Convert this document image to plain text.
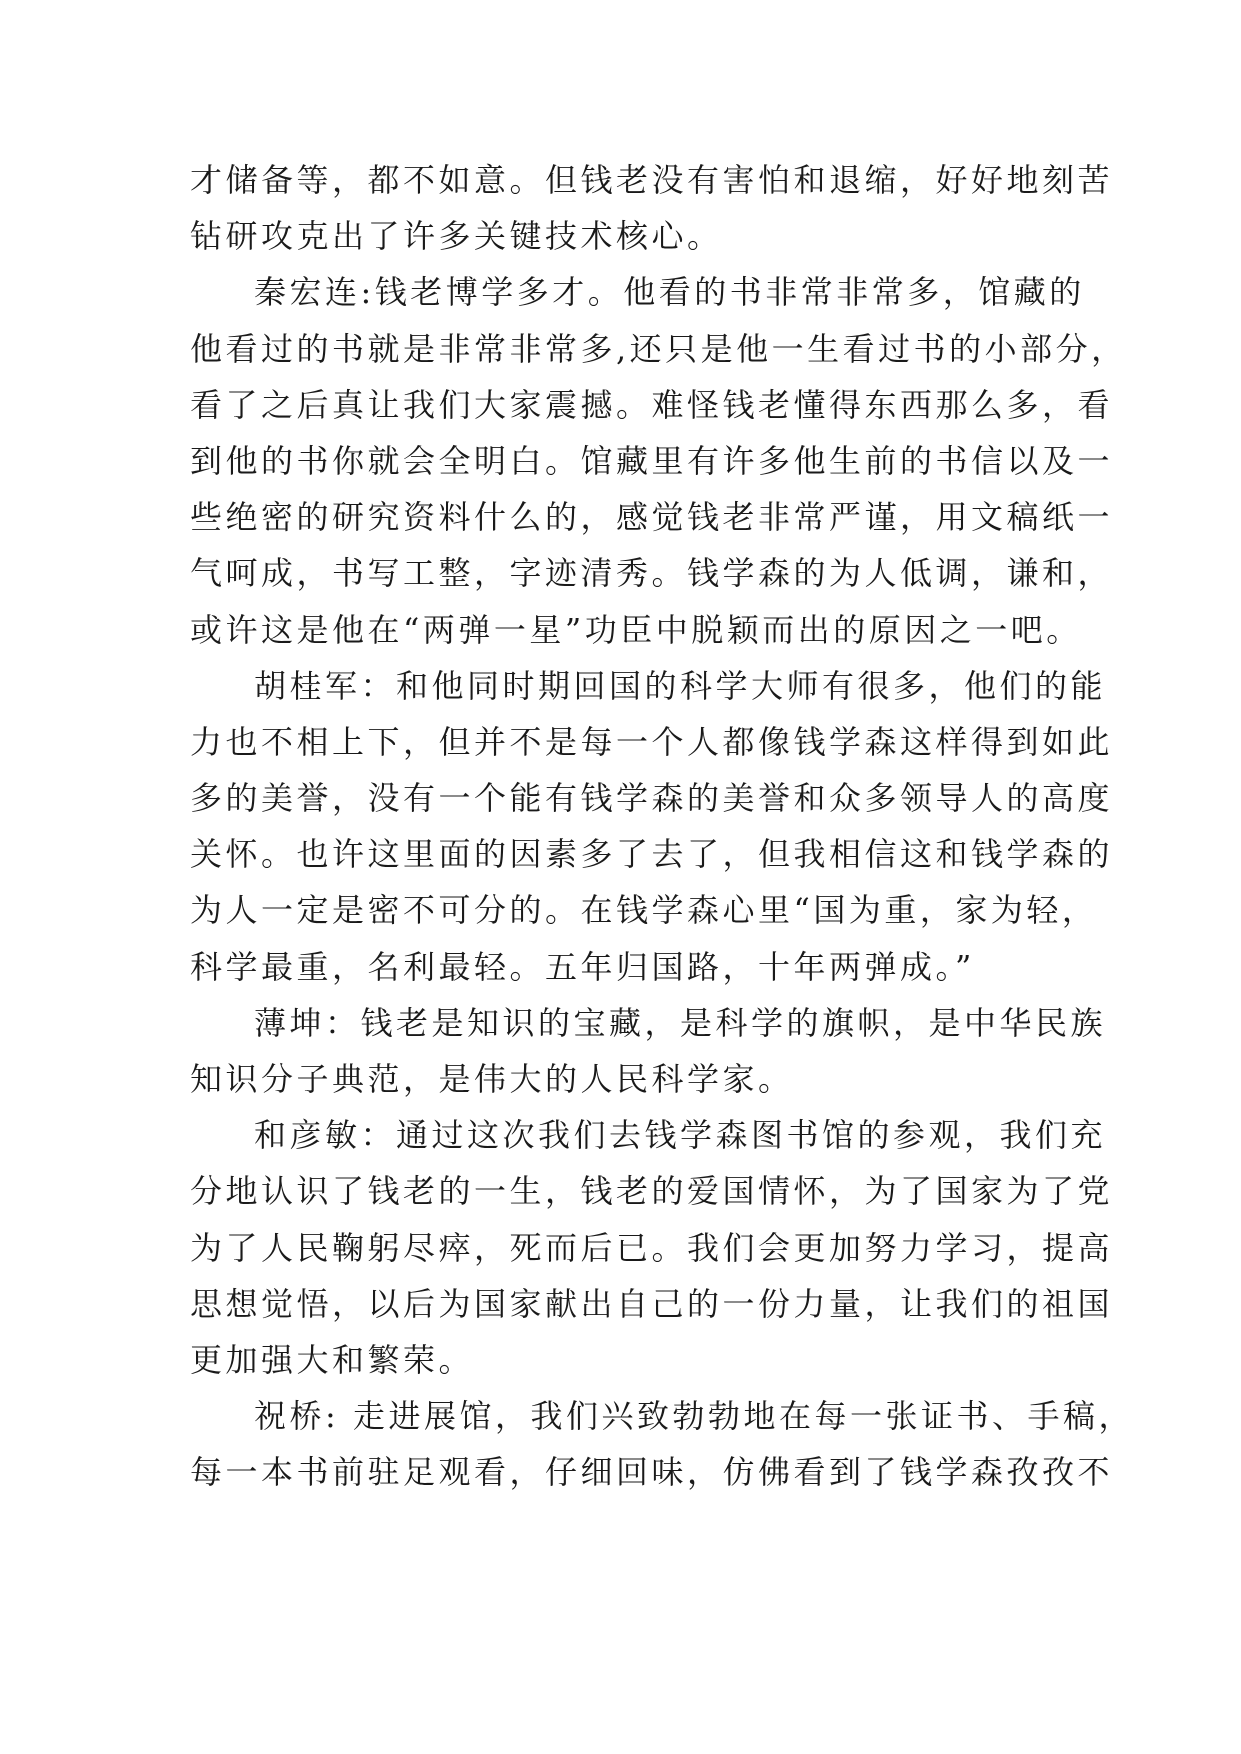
才储备等，都不如意。但钱老没有害怕和退缩，好好地刻苦
钻研攻克出了许多关键技术核心。
秦宏连:钱老博学多才。他看的书非常非常多，馆藏的
他看过的书就是非常非常多,还只是他一生看过书的小部分，
看了之后真让我们大家震撼。难怪钱老懂得东西那么多，看
到他的书你就会全明白。馆藏里有许多他生前的书信以及一
些绝密的研究资料什么的，感觉钱老非常严谨，用文稿纸一
气呵成，书写工整，字迹清秀。钱学森的为人低调，谦和，
或许这是他在“两弹一星”功臣中脱颖而出的原因之一吧。
胡桂军：和他同时期回国的科学大师有很多，他们的能
力也不相上下，但并不是每一个人都像钱学森这样得到如此
多的美誉，没有一个能有钱学森的美誉和众多领导人的高度
关怀。也许这里面的因素多了去了，但我相信这和钱学森的
为人一定是密不可分的。在钱学森心里“国为重，家为轻，
科学最重，名利最轻。五年归国路，十年两弹成。”
薄坤：钱老是知识的宝藏，是科学的旗帜，是中华民族
知识分子典范，是伟大的人民科学家。
和彦敏：通过这次我们去钱学森图书馆的参观，我们充
分地认识了钱老的一生，钱老的爱国情怀，为了国家为了党
为了人民鞠躬尽瘁，死而后已。我们会更加努力学习，提高
思想觉悟，以后为国家献出自己的一份力量，让我们的祖国
更加强大和繁荣。
祝桥: 走进展馆，我们兴致勃勃地在每一张证书、手稿，
每一本书前驻足观看，仔细回味，仿佛看到了钱学森孜孜不
